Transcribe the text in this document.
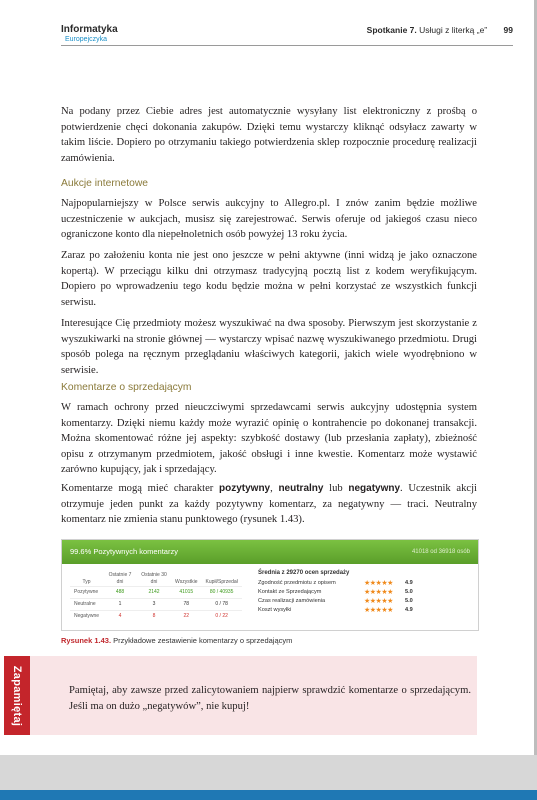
Informatyka
Europejczyka
Spotkanie 7. Usługi z literką „e” 99

Na podany przez Ciebie adres jest automatycznie wysyłany list elektroniczny z prośbą o potwierdzenie chęci dokonania zakupów. Dzięki temu wystarczy kliknąć odsyłacz zawarty w takim liście. Dopiero po otrzymaniu takiego potwierdzenia sklep rozpocznie procedurę realizacji zamówienia.

Aukcje internetowe

Najpopularniejszy w Polsce serwis aukcyjny to Allegro.pl. I znów zanim będzie możliwe uczestniczenie w aukcjach, musisz się zarejestrować. Serwis oferuje od jakiegoś czasu nieco ograniczone konto dla niepełnoletnich osób powyżej 13 roku życia.

Zaraz po założeniu konta nie jest ono jeszcze w pełni aktywne (inni widzą je jako oznaczone kopertą). W przeciągu kilku dni otrzymasz tradycyjną pocztą list z kodem weryfikującym. Dopiero po wprowadzeniu tego kodu będzie można w pełni korzystać ze wszystkich funkcji serwisu.

Interesujące Cię przedmioty możesz wyszukiwać na dwa sposoby. Pierwszym jest skorzystanie z wyszukiwarki na stronie głównej — wystarczy wpisać nazwę wyszukiwanego przedmiotu. Drugi sposób polega na ręcznym przeglądaniu właściwych kategorii, jakich wiele wyodrębniono w serwisie.

Komentarze o sprzedającym

W ramach ochrony przed nieuczciwymi sprzedawcami serwis aukcyjny udostępnia system komentarzy. Dzięki niemu każdy może wyrazić opinię o kontrahencie po dokonanej transakcji. Można skomentować różne jej aspekty: szybkość dostawy (lub przesłania zapłaty), zbieżność opisu z otrzymanym przedmiotem, jakość obsługi i inne kwestie. Komentarz może wystawić zarówno kupujący, jak i sprzedający.

Komentarze mogą mieć charakter pozytywny, neutralny lub negatywny. Uczestnik akcji otrzymuje jeden punkt za każdy pozytywny komentarz, za negatywny — traci. Neutralny komentarz nie zmienia stanu punktowego (rysunek 1.43).

99.6% Pozytywnych komentarzy	41018 od 36918 osób
Typ	Ostatnie 7 dni	Ostatnie 30 dni	Wszystkie	Kupił/Sprzedał
Pozytywne	488	2142	41015	80 / 40935
Neutralne	1	3	78	0 / 78
Negatywne	4	8	22	0 / 22
Średnia z 29270 ocen sprzedaży
Zgodność przedmiotu z opisem	★★★★★	4.9
Kontakt ze Sprzedającym	★★★★★	5.0
Czas realizacji zamówienia	★★★★★	5.0
Koszt wysyłki	★★★★★	4.9

Rysunek 1.43. Przykładowe zestawienie komentarzy o sprzedającym

Zapamiętaj	Pamiętaj, aby zawsze przed zalicytowaniem najpierw sprawdzić komentarze o sprzedającym. Jeśli ma on dużo „negatywów”, nie kupuj!
